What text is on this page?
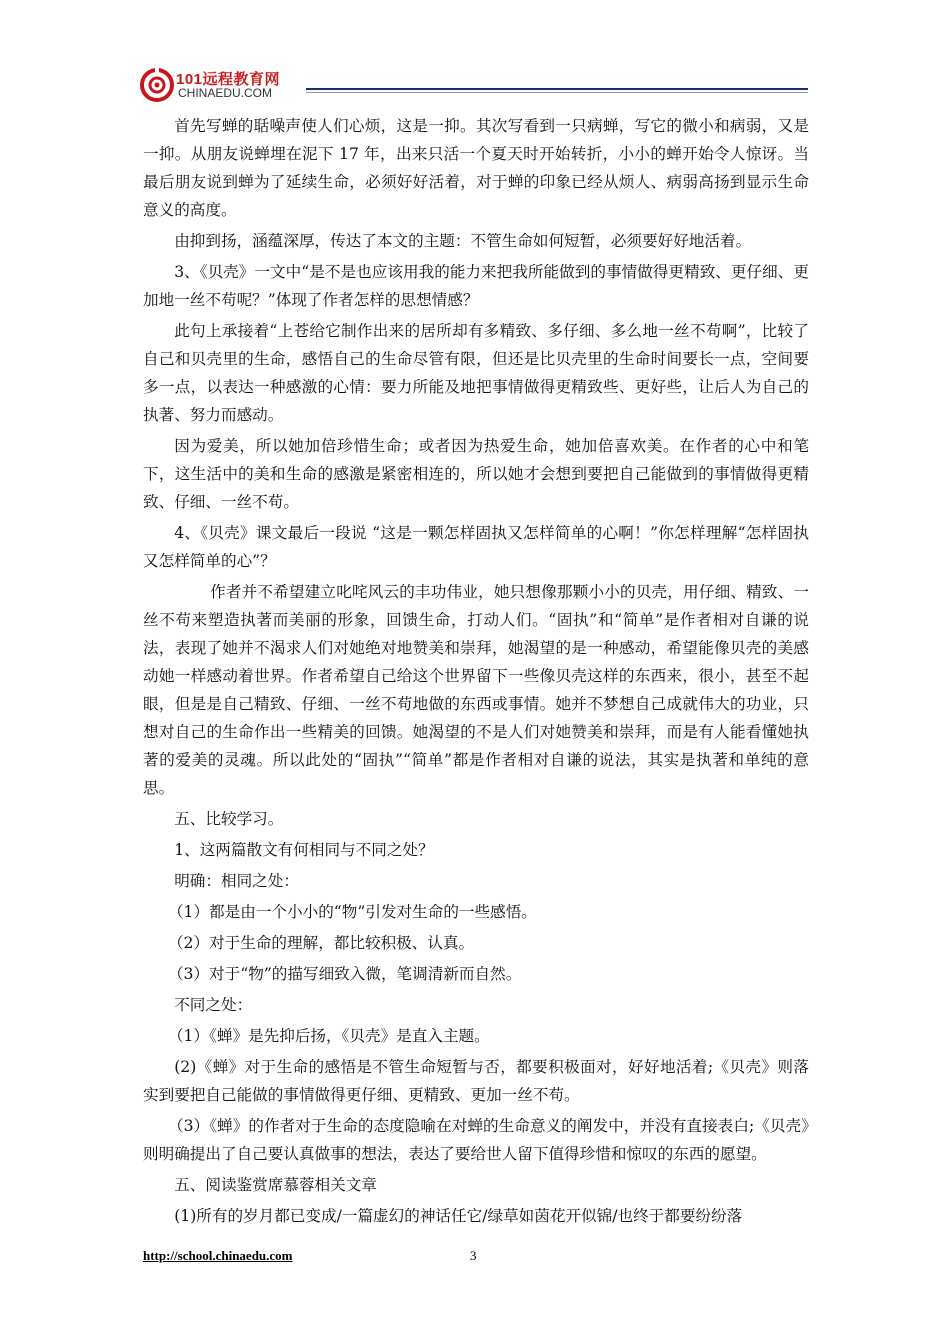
101远程教育网
CHINAEDU.COM

首先写蝉的聒噪声使人们心烦，这是一抑。其次写看到一只病蝉，写它的微小和病弱，又是一抑。从朋友说蝉埋在泥下 17 年，出来只活一个夏天时开始转折，小小的蝉开始令人惊讶。当最后朋友说到蝉为了延续生命，必须好好活着，对于蝉的印象已经从烦人、病弱高扬到显示生命意义的高度。

由抑到扬，涵蕴深厚，传达了本文的主题：不管生命如何短暂，必须要好好地活着。

3、《贝壳》一文中“是不是也应该用我的能力来把我所能做到的事情做得更精致、更仔细、更加地一丝不苟呢？”体现了作者怎样的思想情感？

此句上承接着“上苍给它制作出来的居所却有多精致、多仔细、多么地一丝不苟啊”，比较了自己和贝壳里的生命，感悟自己的生命尽管有限，但还是比贝壳里的生命时间要长一点，空间要多一点，以表达一种感激的心情：要力所能及地把事情做得更精致些、更好些，让后人为自己的执著、努力而感动。

因为爱美，所以她加倍珍惜生命；或者因为热爱生命，她加倍喜欢美。在作者的心中和笔下，这生活中的美和生命的感激是紧密相连的，所以她才会想到要把自己能做到的事情做得更精致、仔细、一丝不苟。

4、《贝壳》课文最后一段说 “这是一颗怎样固执又怎样简单的心啊！”你怎样理解“怎样固执又怎样简单的心”？

作者并不希望建立叱咤风云的丰功伟业，她只想像那颗小小的贝壳，用仔细、精致、一丝不苟来塑造执著而美丽的形象，回馈生命，打动人们。“固执”和“简单”是作者相对自谦的说法，表现了她并不渴求人们对她绝对地赞美和崇拜，她渴望的是一种感动，希望能像贝壳的美感动她一样感动着世界。作者希望自己给这个世界留下一些像贝壳这样的东西来，很小，甚至不起眼，但是是自己精致、仔细、一丝不苟地做的东西或事情。她并不梦想自己成就伟大的功业，只想对自己的生命作出一些精美的回馈。她渴望的不是人们对她赞美和崇拜，而是有人能看懂她执著的爱美的灵魂。所以此处的“固执”“简单”都是作者相对自谦的说法，其实是执著和单纯的意思。

五、比较学习。

1、这两篇散文有何相同与不同之处？

明确：相同之处：

（1）都是由一个小小的“物”引发对生命的一些感悟。

（2）对于生命的理解，都比较积极、认真。

（3）对于“物”的描写细致入微，笔调清新而自然。

不同之处：

（1）《蝉》是先抑后扬，《贝壳》是直入主题。

(2)《蝉》对于生命的感悟是不管生命短暂与否，都要积极面对，好好地活着;《贝壳》则落实到要把自己能做的事情做得更仔细、更精致、更加一丝不苟。

（3）《蝉》的作者对于生命的态度隐喻在对蝉的生命意义的阐发中，并没有直接表白;《贝壳》则明确提出了自己要认真做事的想法，表达了要给世人留下值得珍惜和惊叹的东西的愿望。

五、阅读鉴赏席慕蓉相关文章

(1)所有的岁月都已变成/一篇虚幻的神话任它/绿草如茵花开似锦/也终于都要纷纷落

http://school.chinaedu.com	3
